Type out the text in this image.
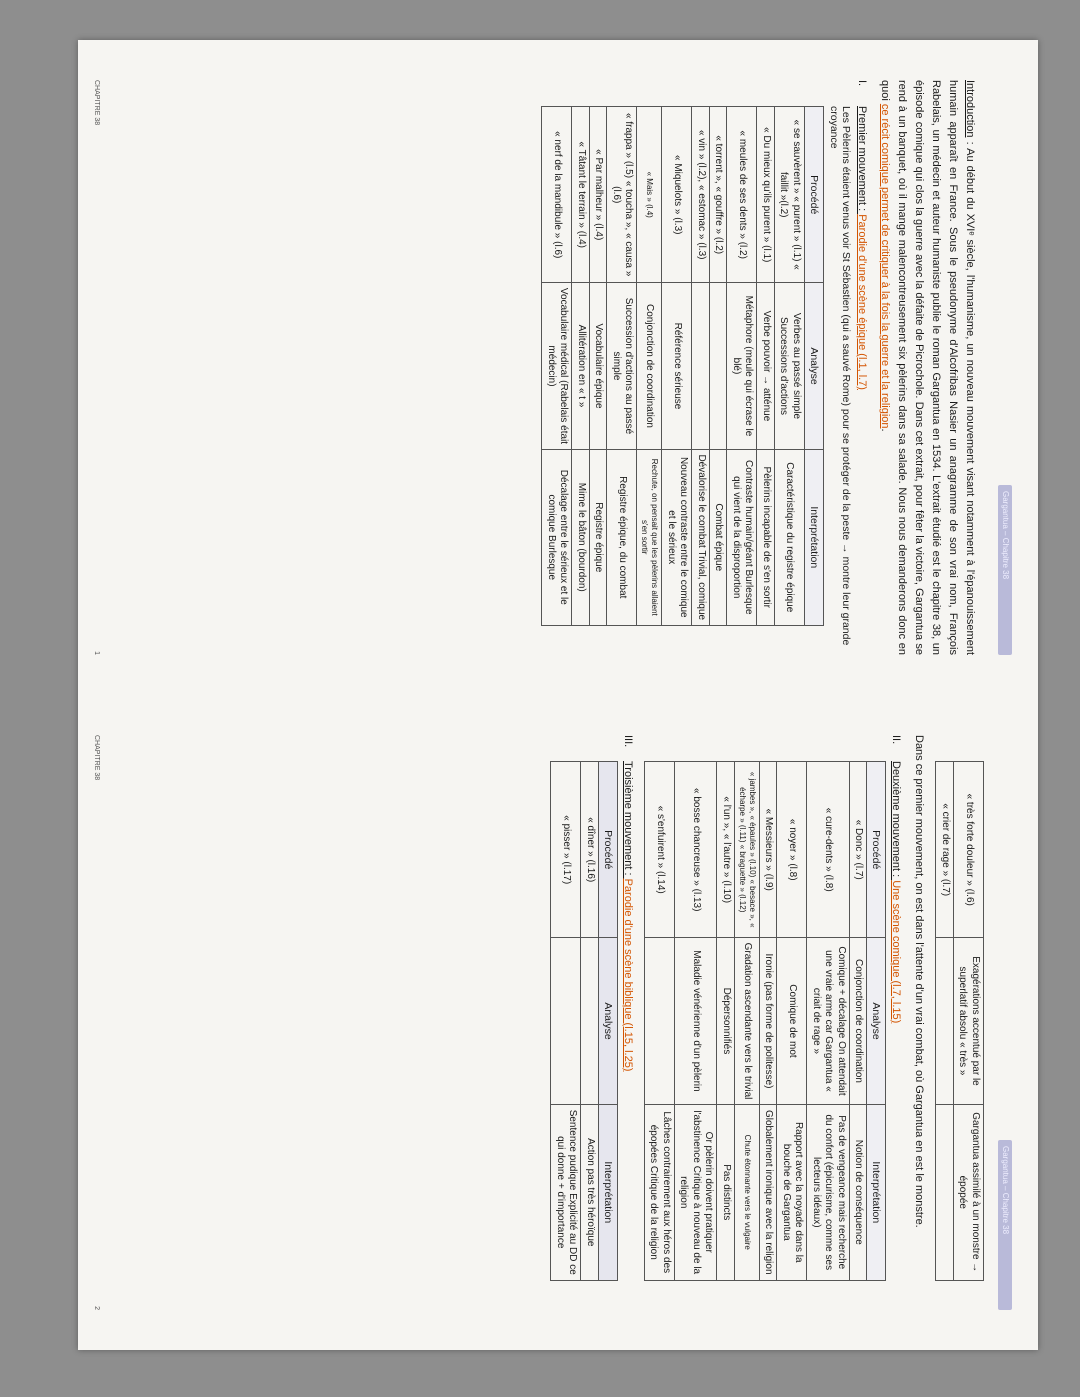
Gargantua – Chapitre 38

Introduction : Au début du XVIᵉ siècle, l'humanisme, un nouveau mouvement visant notamment à l'épanouissement humain apparaît en France. Sous le pseudonyme d'Alcofribas Nasier un anagramme de son vrai nom, François Rabelais, un médecin et auteur humaniste publie le roman Gargantua en 1534. L'extrait étudié est le chapitre 38, un épisode comique qui clos la guerre avec la défaite de Picrochole. Dans cet extrait, pour fêter la victoire, Gargantua se rend à un banquet, où il mange malencontreusement six pèlerins dans sa salade. Nous nous demanderons donc en quoi ce récit comique permet de critiquer à la fois la guerre et la religion.

I.Premier mouvement : Parodie d'une scène épique (l.1, l.7)
Les Pèlerins étaient venus voir St Sébastien (qui a sauvé Rome) pour se protéger de la peste → montre leur grande croyance
Procédé	Analyse	Interprétation
« se sauvèrent » « purent » (l.1) « faillit »(l.2)	Verbes au passé simple Successions d'actions	Caractéristique du registre épique
« Du mieux qu'ils purent » (l.1)	Verbe pouvoir → atténue	Pèlerins incapable de s'en sortir
« meules de ses dents » (l.2)	Métaphore (meule qui écrase le blé)	Contraste humain/géant Burlesque qui vient de la disproportion
« torrent », « gouffre » (l.2)		Combat épique
« vin » (l.2), « estomac » (l.3)		Dévalorise le combat Trivial, comique
« Miquelots » (l.3)	Référence sérieuse	Nouveau contraste entre le comique et le sérieux
« Mais » (l.4)	Conjonction de coordination	Rechute, on pensait que les pèlerins allaient s'en sortir
« frappa » (l.5) « toucha », « causa » (l.6)	Succession d'actions au passé simple	Registre épique, du combat
« Par malheur » (l.4)	Vocabulaire épique	Registre épique
« Tâtant le terrain » (l.4)	Allitération en « t »	Mime le bâton (bourdon)
« nerf de la mandibule » (l.6)	Vocabulaire médical (Rabelais était médecin)	Décalage entre le sérieux et le comique Burlesque
CHAPITRE 38
1
Gargantua – Chapitre 38
« très forte douleur » (l.6)	Exagérations accentué par le superlatif absolu « très »	Gargantua assimilé à un monstre → épopée
« crier de rage » (l.7)		

Dans ce premier mouvement, on est dans l'attente d'un vrai combat, où Gargantua en est le monstre.

II.Deuxième mouvement : Une scène comique (l.7, l.15)
Procédé	Analyse	Interprétation
« Donc » (l.7)	Conjonction de coordination	Notion de conséquence
« cure-dents » (l.8)	Comique + décalage On attendait une vraie arme car Gargantua « criait de rage »	Pas de vengeance mais recherche du confort (épicurisme, comme ses lecteurs idéaux)
« noyer » (l.8)	Comique de mot	Rapport avec la noyade dans la bouche de Gargantua
« Messieurs » (l.9)	Ironie (pas forme de politesse)	Globalement ironique avec la religion
« jambes », « épaules » (l.10) « besace », « écharpe » (l.11) « braguette » (l.12)	Gradation ascendante vers le trivial	Chute étonnante vers le vulgaire
« l'un », « l'autre » (l.10)	Dépersonnifiés	Pas distincts
« bosse chancreuse » (l.13)	Maladie vénérienne d'un pèlerin	Or pèlerin doivent pratiquer l'abstinence Critique à nouveau de la religion
« s'enfuirent » (l.14)		Lâches contrairement aux héros des épopées Critique de la religion
III.Troisième mouvement : Parodie d'une scène biblique (l.15, l.25)
Procédé	Analyse	Interprétation
« dîner » (l.16)		Action pas très héroïque
« pisser » (l.17)		Sentence pudique Explicité au DD ce qui donne + d'importance
CHAPITRE 38
2
